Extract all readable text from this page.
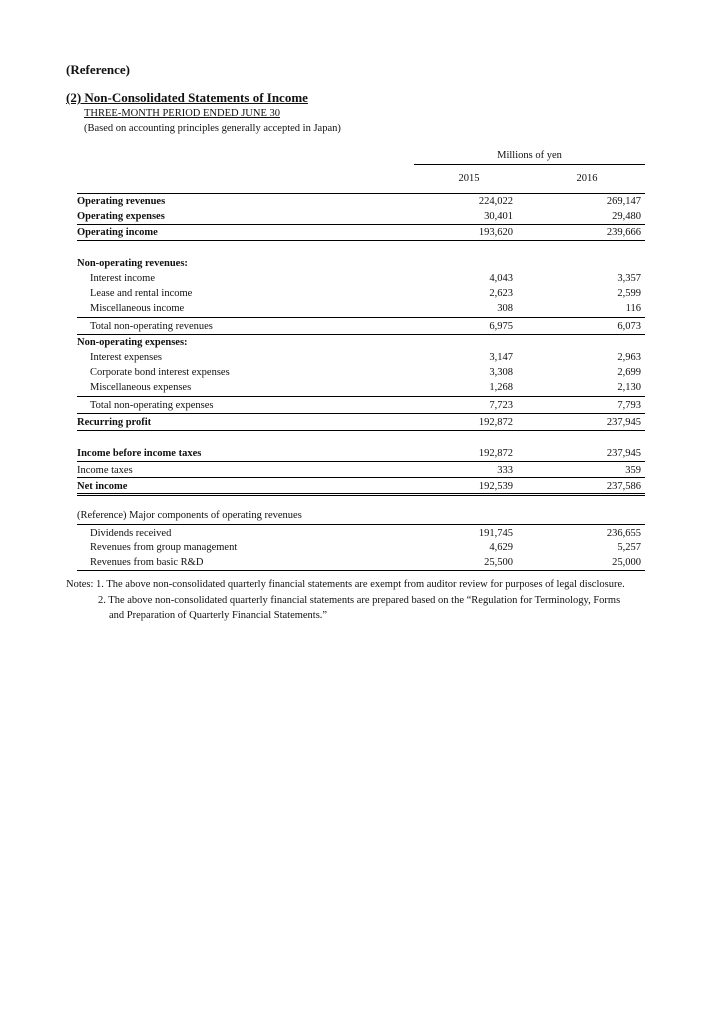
(Reference)
(2) Non-Consolidated Statements of Income
THREE-MONTH PERIOD ENDED JUNE 30
(Based on accounting principles generally accepted in Japan)
Millions of yen
2015	2016
Operating revenues	224,022	269,147
Operating expenses	30,401	29,480
Operating income	193,620	239,666
Non-operating revenues:
Interest income	4,043	3,357
Lease and rental income	2,623	2,599
Miscellaneous income	308	116
Total non-operating revenues	6,975	6,073
Non-operating expenses:
Interest expenses	3,147	2,963
Corporate bond interest expenses	3,308	2,699
Miscellaneous expenses	1,268	2,130
Total non-operating expenses	7,723	7,793
Recurring profit	192,872	237,945
Income before income taxes	192,872	237,945
Income taxes	333	359
Net income	192,539	237,586
(Reference) Major components of operating revenues
Dividends received	191,745	236,655
Revenues from group management	4,629	5,257
Revenues from basic R&D	25,500	25,000
Notes: 1. The above non-consolidated quarterly financial statements are exempt from auditor review for purposes of legal disclosure.
2. The above non-consolidated quarterly financial statements are prepared based on the “Regulation for Terminology, Forms
and Preparation of Quarterly Financial Statements.”
